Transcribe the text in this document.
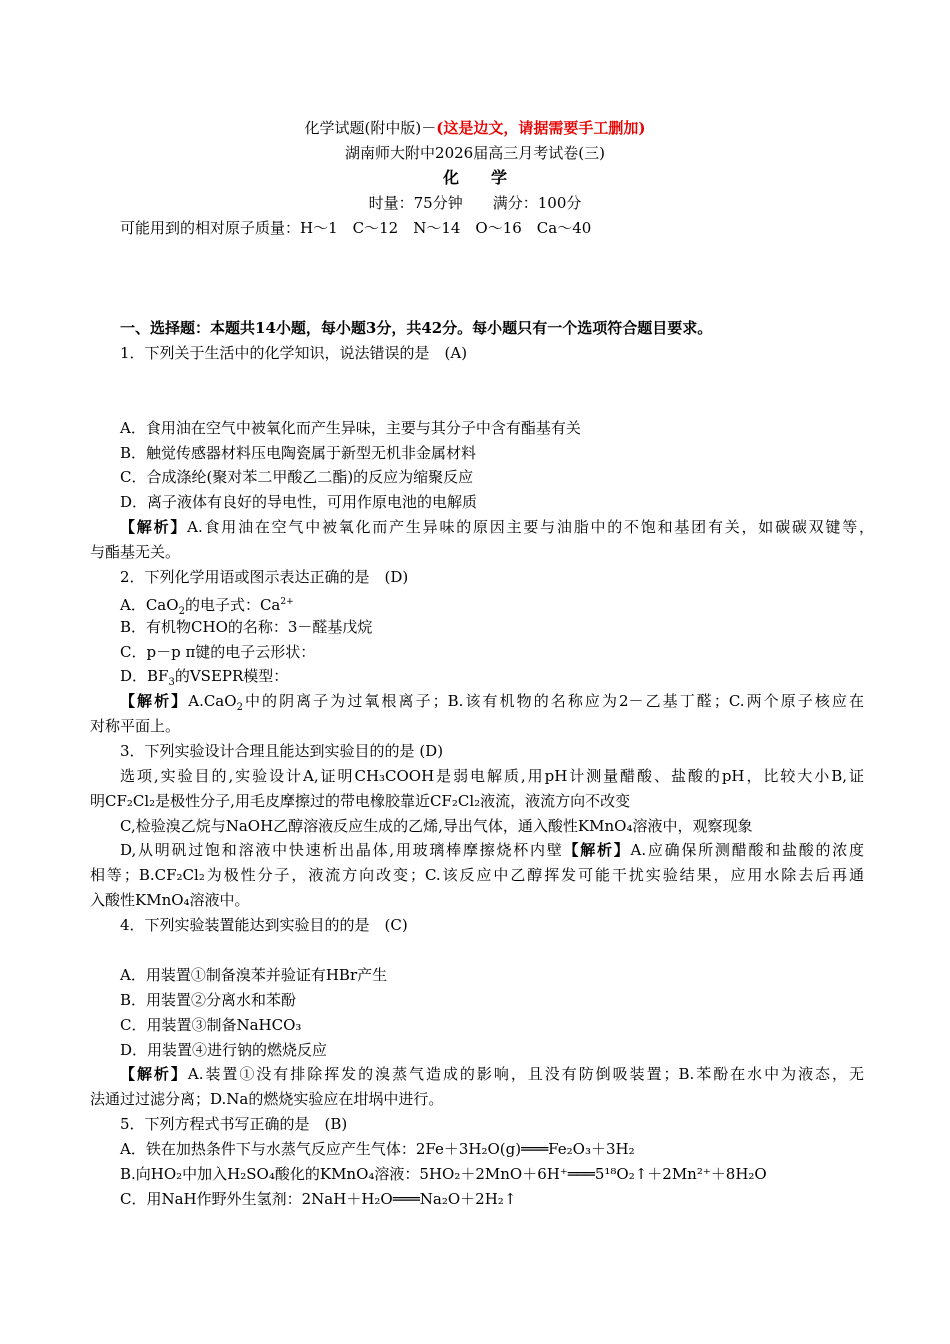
化学试题(附中版)－(这是边文，请据需要手工删加)
湖南师大附中2026届高三月考试卷(三)
化　　学
时量：75分钟　　满分：100分
可能用到的相对原子质量：H～1　C～12　N～14　O～16　Ca～40
一、选择题：本题共14小题，每小题3分，共42分。每小题只有一个选项符合题目要求。
1．下列关于生活中的化学知识，说法错误的是　(A)
A．食用油在空气中被氧化而产生异味，主要与其分子中含有酯基有关
B．触觉传感器材料压电陶瓷属于新型无机非金属材料
C．合成涤纶(聚对苯二甲酸乙二酯)的反应为缩聚反应
D．离子液体有良好的导电性，可用作原电池的电解质
【解析】A.食用油在空气中被氧化而产生异味的原因主要与油脂中的不饱和基团有关，如碳碳双键等，
与酯基无关。
2．下列化学用语或图示表达正确的是　(D)
A．CaO$_2$的电子式：$Ca^{2+}$
B．有机物CHO的名称：3－醛基戊烷
C．p－p π键的电子云形状：
D．$BF_3$的VSEPR模型：
【解析】A.CaO$_2$中的阴离子为过氧根离子；B.该有机物的名称应为2－乙基丁醛；C.两个原子核应在
对称平面上。
3．下列实验设计合理且能达到实验目的的是 (D)
选项,实验目的,实验设计A,证明CH₃COOH是弱电解质,用pH计测量醋酸、盐酸的pH，比较大小B,证
明CF₂Cl₂是极性分子,用毛皮摩擦过的带电橡胶靠近CF₂Cl₂液流，液流方向不改变
C,检验溴乙烷与NaOH乙醇溶液反应生成的乙烯,导出气体，通入酸性KMnO₄溶液中，观察现象
D,从明矾过饱和溶液中快速析出晶体,用玻璃棒摩擦烧杯内壁【解析】A.应确保所测醋酸和盐酸的浓度
相等；B.CF₂Cl₂为极性分子，液流方向改变；C.该反应中乙醇挥发可能干扰实验结果，应用水除去后再通
入酸性KMnO₄溶液中。
4．下列实验装置能达到实验目的的是　(C)
A．用装置①制备溴苯并验证有HBr产生
B．用装置②分离水和苯酚
C．用装置③制备NaHCO₃
D．用装置④进行钠的燃烧反应
【解析】A.装置①没有排除挥发的溴蒸气造成的影响，且没有防倒吸装置；B.苯酚在水中为液态，无
法通过过滤分离；D.Na的燃烧实验应在坩埚中进行。
5．下列方程式书写正确的是　(B)
A．铁在加热条件下与水蒸气反应产生气体：2Fe＋3H₂O(g)═══Fe₂O₃＋3H₂
B.向HO₂中加入H₂SO₄酸化的KMnO₄溶液：5HO₂＋2MnO＋6H⁺═══5¹⁸O₂↑＋2Mn²⁺＋8H₂O
C．用NaH作野外生氢剂：2NaH＋H₂O═══Na₂O＋2H₂↑
